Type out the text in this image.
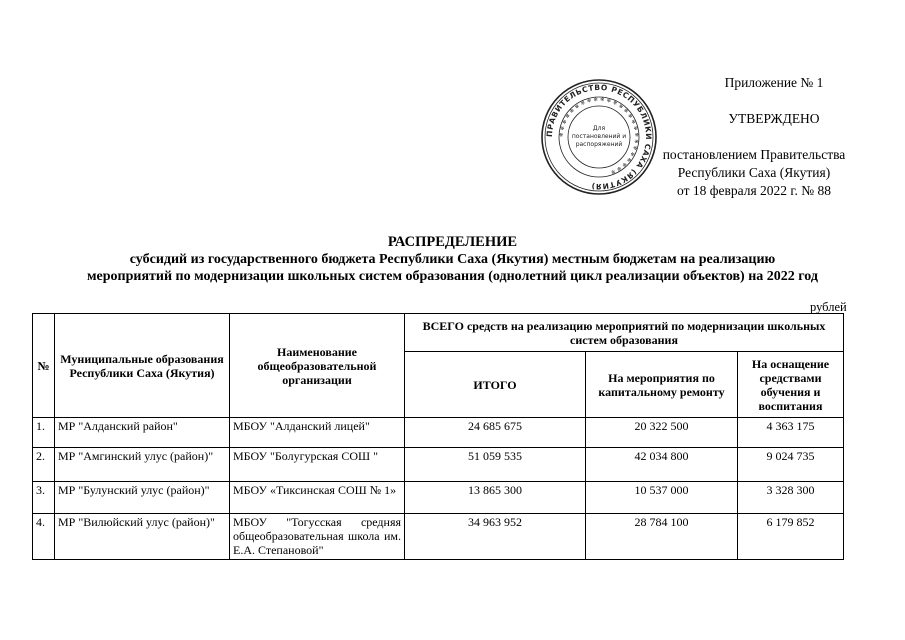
ПРАВИТЕЛЬСТВО РЕСПУБЛИКИ САХА (ЯКУТИЯ)
✻ ✻ ✻ ✻ ✻ ✻ ✻ ✻ ✻ ✻ ✻ ✻ ✻ ✻ ✻ ✻ ✻ ✻ ✻ ✻ ✻ ✻ ✻ ✻ ✻
Для
постановлений и
распоряжений
Приложение № 1
УТВЕРЖДЕНО
постановлением Правительства
Республики Саха (Якутия)
от 18 февраля 2022 г. № 88
РАСПРЕДЕЛЕНИЕ
субсидий из государственного бюджета Республики Саха (Якутия) местным бюджетам на реализацию
мероприятий по модернизации школьных систем образования (однолетний цикл реализации объектов) на 2022 год
рублей
№	Муниципальные образования Республики Саха (Якутия)	Наименование общеобразовательной организации	ВСЕГО средств на реализацию мероприятий по модернизации школьных систем образования		
			ИТОГО	На мероприятия по капитальному ремонту	На оснащение средствами обучения и воспитания
1.	МР "Алданский район"	МБОУ "Алданский лицей"	24 685 675	20 322 500	4 363 175
2.	МР "Амгинский улус (район)"	МБОУ "Болугурская СОШ "	51 059 535	42 034 800	9 024 735
3.	МР "Булунский улус (район)"	МБОУ «Тиксинская СОШ № 1»	13 865 300	10 537 000	3 328 300
4.	МР "Вилюйский улус (район)"	МБОУ "Тогусская средняя общеобразовательная школа им. Е.А. Степановой"	34 963 952	28 784 100	6 179 852
